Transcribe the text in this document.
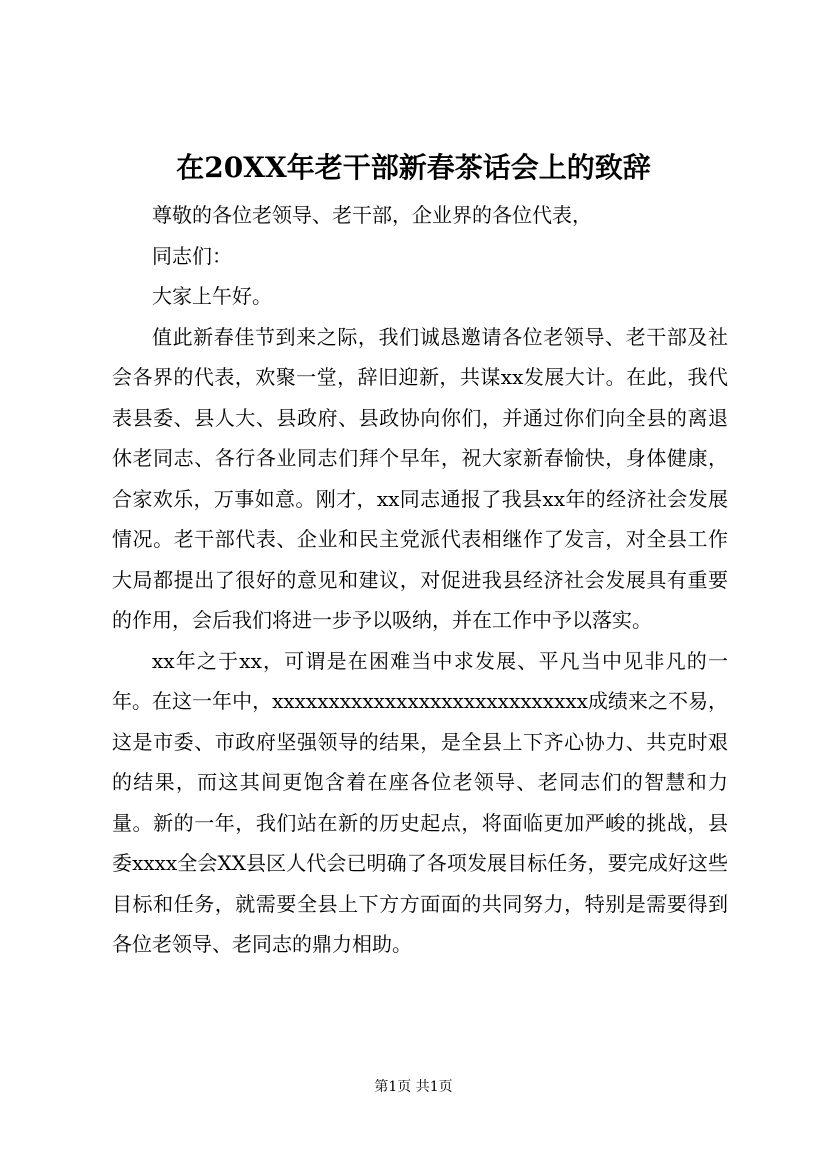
在20XX年老干部新春茶话会上的致辞

尊敬的各位老领导、老干部，企业界的各位代表，

同志们：

大家上午好。

值此新春佳节到来之际，我们诚恳邀请各位老领导、老干部及社会各界的代表，欢聚一堂，辞旧迎新，共谋xx发展大计。在此，我代表县委、县人大、县政府、县政协向你们，并通过你们向全县的离退休老同志、各行各业同志们拜个早年，祝大家新春愉快，身体健康，合家欢乐，万事如意。刚才，xx同志通报了我县xx年的经济社会发展情况。老干部代表、企业和民主党派代表相继作了发言，对全县工作大局都提出了很好的意见和建议，对促进我县经济社会发展具有重要的作用，会后我们将进一步予以吸纳，并在工作中予以落实。

xx年之于xx，可谓是在困难当中求发展、平凡当中见非凡的一年。在这一年中，xxxxxxxxxxxxxxxxxxxxxxxxxxxx成绩来之不易，这是市委、市政府坚强领导的结果，是全县上下齐心协力、共克时艰的结果，而这其间更饱含着在座各位老领导、老同志们的智慧和力量。新的一年，我们站在新的历史起点，将面临更加严峻的挑战，县委xxxx全会XX县区人代会已明确了各项发展目标任务，要完成好这些目标和任务，就需要全县上下方方面面的共同努力，特别是需要得到各位老领导、老同志的鼎力相助。

第1页 共1页
